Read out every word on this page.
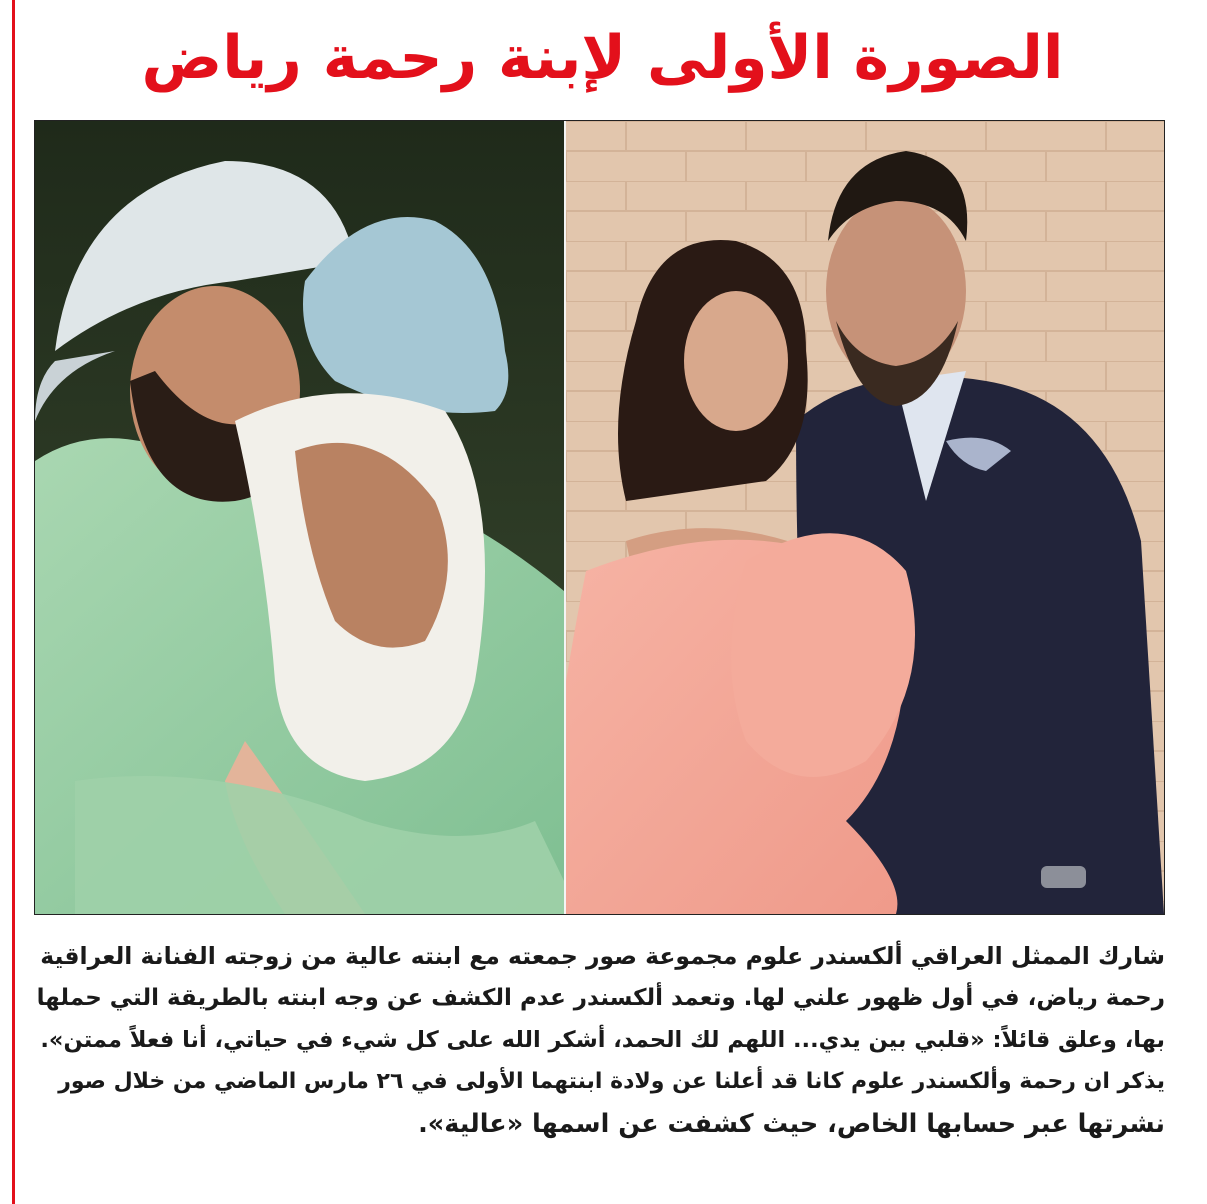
الصورة الأولى لإبنة رحمة رياض
شارك الممثل العراقي ألكسندر علوم مجموعة صور جمعته مع ابنته عالية من زوجته الفنانة العراقية
رحمة رياض، في أول ظهور علني لها. وتعمد ألكسندر عدم الكشف عن وجه ابنته بالطريقة التي حملها
بها، وعلق قائلاً: «قلبي بين يدي... اللهم لك الحمد، أشكر الله على كل شيء في حياتي، أنا فعلاً ممتن».
يذكر ان رحمة وألكسندر علوم كانا قد أعلنا عن ولادة ابنتهما الأولى في ٢٦ مارس الماضي من خلال صور
نشرتها عبر حسابها الخاص، حيث كشفت عن اسمها «عالية».
